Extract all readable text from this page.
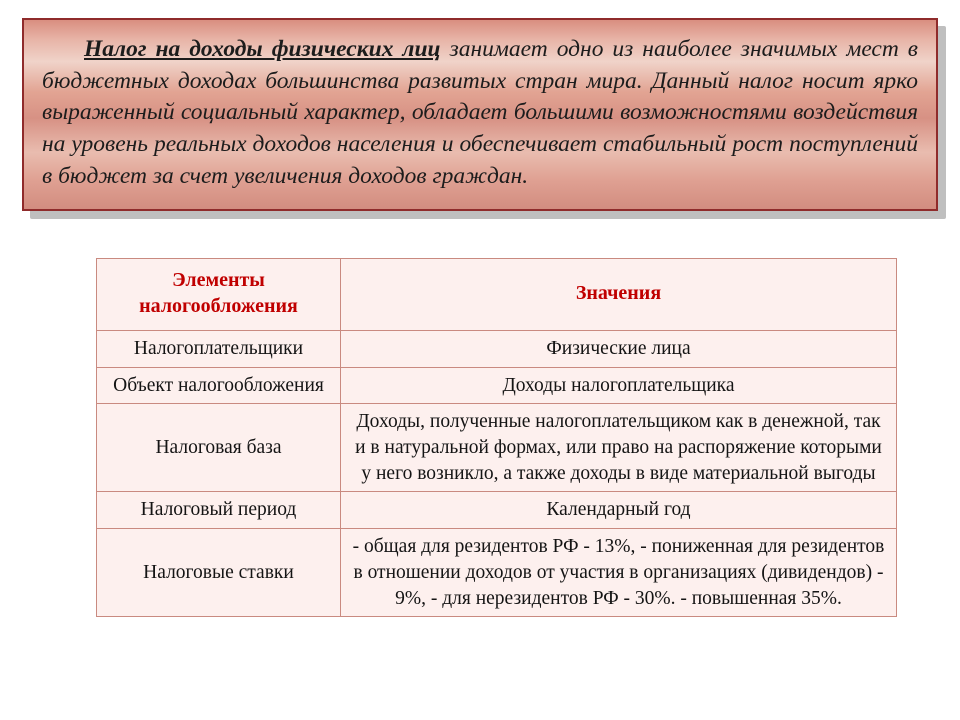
Налог на доходы физических лиц занимает одно из наиболее значимых мест в бюджетных доходах большинства развитых стран мира. Данный налог носит ярко выраженный социальный характер, обладает большими возможностями воздействия на уровень реальных доходов населения и обеспечивает стабильный рост поступлений в бюджет за счет увеличения доходов граждан.

Элементы налогообложения	Значения
Налогоплательщики	Физические лица
Объект налогообложения	Доходы налогоплательщика
Налоговая база	Доходы, полученные налогоплательщиком как в денежной, так и в натуральной формах, или право на распоряжение которыми у него возникло, а также доходы в виде материальной выгоды
Налоговый период	Календарный год
Налоговые ставки	- общая для резидентов РФ - 13%, - пониженная для резидентов в отношении доходов от участия в организациях (дивидендов) - 9%, - для нерезидентов РФ - 30%. - повышенная 35%.
